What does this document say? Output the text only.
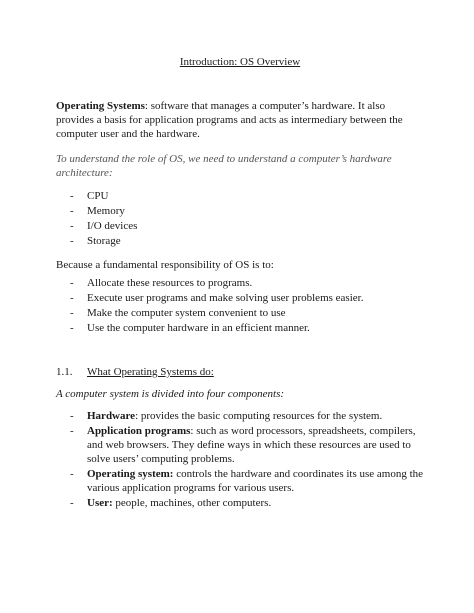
Introduction: OS Overview

Operating Systems: software that manages a computer’s hardware. It also provides a basis for application programs and acts as intermediary between the computer user and the hardware.

To understand the role of OS, we need to understand a computer’s hardware architecture:

- CPU
- Memory
- I/O devices
- Storage

Because a fundamental responsibility of OS is to:

- Allocate these resources to programs.
- Execute user programs and make solving user problems easier.
- Make the computer system convenient to use
- Use the computer hardware in an efficient manner.
1.1.	What Operating Systems do:

A computer system is divided into four components:

- Hardware: provides the basic computing resources for the system.
- Application programs: such as word processors, spreadsheets, compilers, and web browsers. They define ways in which these resources are used to solve users’ computing problems.
- Operating system: controls the hardware and coordinates its use among the various application programs for various users.
- User: people, machines, other computers.
